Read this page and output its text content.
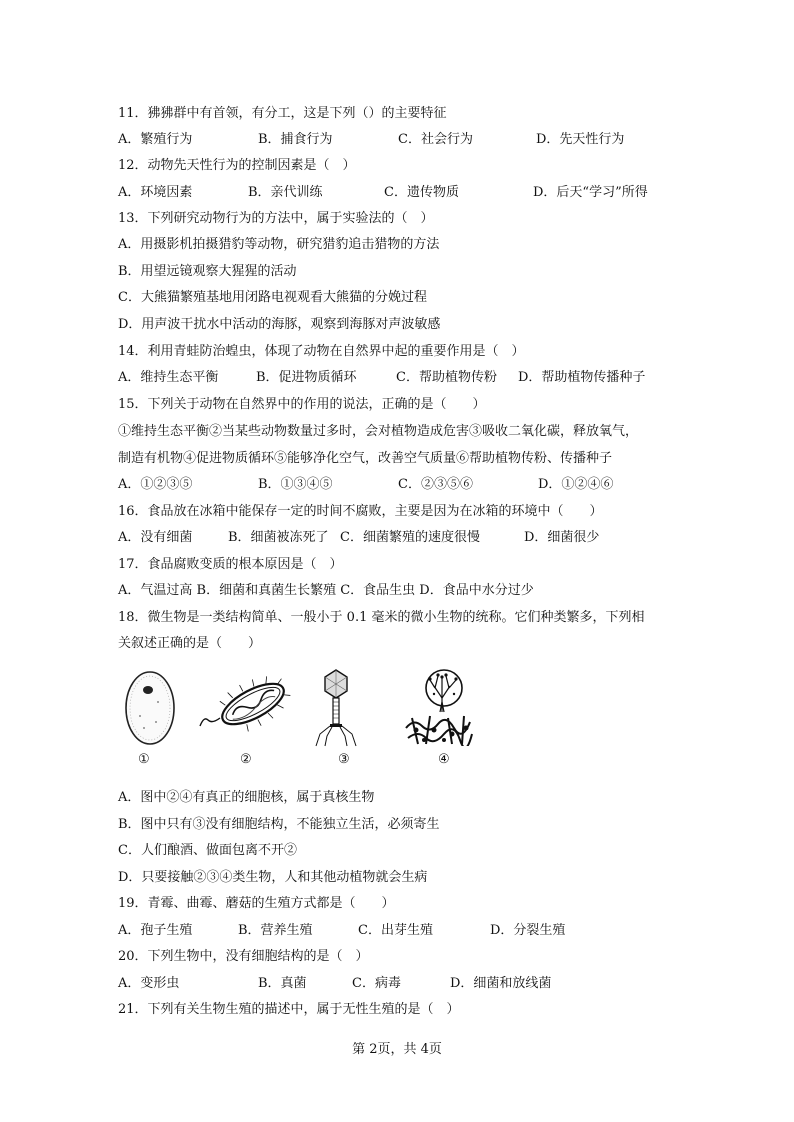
11．狒狒群中有首领，有分工，这是下列（）的主要特征
A．繁殖行为	B．捕食行为	C．社会行为	D．先天性行为
12．动物先天性行为的控制因素是（　）
A．环境因素	B．亲代训练	C．遗传物质	D．后天“学习”所得
13．下列研究动物行为的方法中，属于实验法的（　）
A．用摄影机拍摄猎豹等动物，研究猎豹追击猎物的方法
B．用望远镜观察大猩猩的活动
C．大熊猫繁殖基地用闭路电视观看大熊猫的分娩过程
D．用声波干扰水中活动的海豚，观察到海豚对声波敏感
14．利用青蛙防治蝗虫，体现了动物在自然界中起的重要作用是（　）
A．维持生态平衡	B．促进物质循环	C．帮助植物传粉 D．帮助植物传播种子
15．下列关于动物在自然界中的作用的说法，正确的是（　　）
①维持生态平衡②当某些动物数量过多时，会对植物造成危害③吸收二氧化碳，释放氧气，
制造有机物④促进物质循环⑤能够净化空气，改善空气质量⑥帮助植物传粉、传播种子
A．①②③⑤	B．①③④⑤	C．②③⑤⑥	D．①②④⑥
16．食品放在冰箱中能保存一定的时间不腐败，主要是因为在冰箱的环境中（　　）
A．没有细菌	B．细菌被冻死了 C．细菌繁殖的速度很慢	D．细菌很少
17．食品腐败变质的根本原因是（　）
A．气温过高 B．细菌和真菌生长繁殖 C．食品生虫 D．食品中水分过少
18．微生物是一类结构简单、一般小于 0.1 毫米的微小生物的统称。它们种类繁多，下列相
关叙述正确的是（　　）
①	②	③	④
A．图中②④有真正的细胞核，属于真核生物
B．图中只有③没有细胞结构，不能独立生活，必须寄生
C．人们酿酒、做面包离不开②
D．只要接触②③④类生物，人和其他动植物就会生病
19．青霉、曲霉、蘑菇的生殖方式都是（　　）
A．孢子生殖	B．营养生殖	C．出芽生殖	D．分裂生殖
20．下列生物中，没有细胞结构的是（　）
A．变形虫	B．真菌	C．病毒	D．细菌和放线菌
21．下列有关生物生殖的描述中，属于无性生殖的是（　）
第 2页，共 4页
